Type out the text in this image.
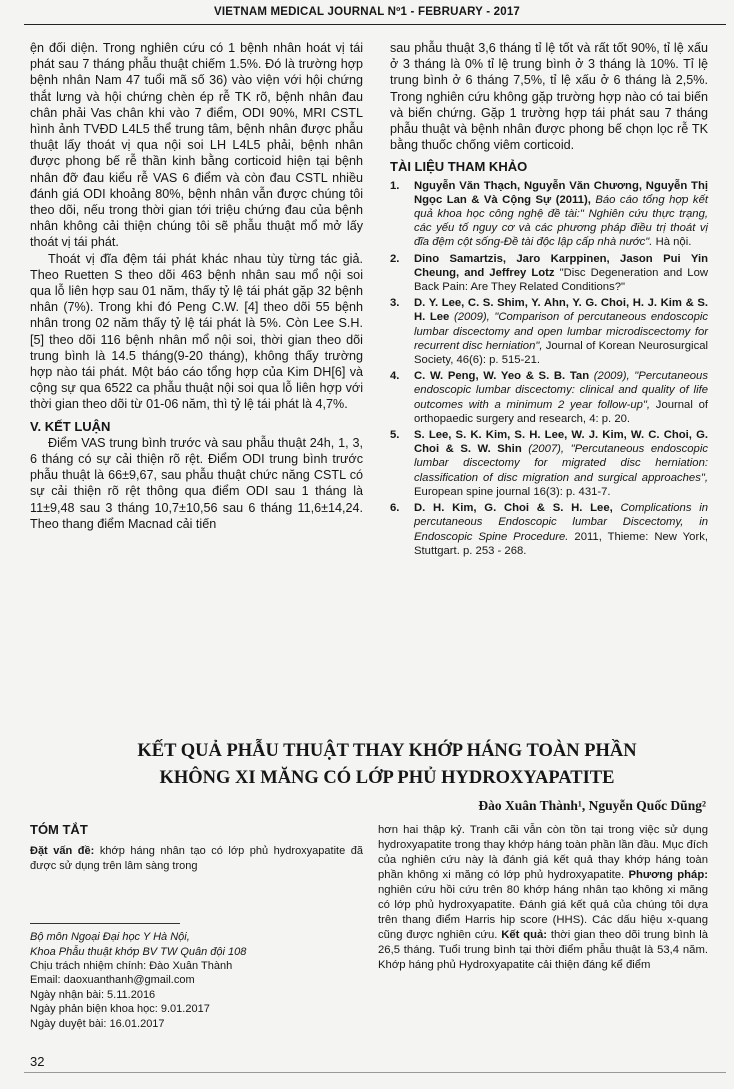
VIETNAM MEDICAL JOURNAL Nº1 - FEBRUARY - 2017

ện đối diện. Trong nghiên cứu có 1 bệnh nhân hoát vị tái phát sau 7 tháng phẫu thuật chiếm 1.5%. Đó là trường hợp bệnh nhân Nam 47 tuổi mã số 36) vào viện với hội chứng thắt lưng và hội chứng chèn ép rễ TK rõ, bệnh nhân đau chân phải Vas chân khi vào 7 điểm, ODI 90%, MRI CSTL hình ảnh TVĐD L4L5 thể trung tâm, bệnh nhân được phẫu thuật lấy thoát vị qua nội soi LH L4L5 phải, bệnh nhân được phong bế rễ thần kinh bằng corticoid hiện tại bệnh nhân đỡ đau kiểu rễ VAS 6 điểm và còn đau CSTL nhiều đánh giá ODI khoảng 80%, bệnh nhân vẫn được chúng tôi theo dõi, nếu trong thời gian tới triệu chứng đau của bệnh nhân không cải thiện chúng tôi sẽ phẫu thuật mổ mở lấy thoát vị tái phát.

Thoát vị đĩa đệm tái phát khác nhau tùy từng tác giả. Theo Ruetten S theo dõi 463 bệnh nhân sau mổ nội soi qua lỗ liên hợp sau 01 năm, thấy tỷ lệ tái phát gặp 32 bệnh nhân (7%). Trong khi đó Peng C.W. [4] theo dõi 55 bệnh nhân trong 02 năm thấy tỷ lệ tái phát là 5%. Còn Lee S.H. [5] theo dõi 116 bệnh nhân mổ nội soi, thời gian theo dõi trung bình là 14.5 tháng(9-20 tháng), không thấy trường hợp nào tái phát. Một báo cáo tổng hợp của Kim DH[6] và cộng sự qua 6522 ca phẫu thuật nội soi qua lỗ liên hợp với thời gian theo dõi từ 01-06 năm, thì tỷ lệ tái phát là 4,7%.

V. KẾT LUẬN

Điểm VAS trung bình trước và sau phẫu thuật 24h, 1, 3, 6 tháng có sự cải thiện rõ rệt. Điểm ODI trung bình trước phẫu thuật là 66±9,67, sau phẫu thuật chức năng CSTL có sự cải thiện rõ rệt thông qua điểm ODI sau 1 tháng là 11±9,48 sau 3 tháng 10,7±10,56 sau 6 tháng 11,6±14,24. Theo thang điểm Macnad cải tiến

sau phẫu thuật 3,6 tháng tỉ lệ tốt và rất tốt 90%, tỉ lệ xấu ở 3 tháng là 0% tỉ lệ trung bình ở 3 tháng là 10%. Tỉ lệ trung bình ở 6 tháng 7,5%, tỉ lệ xấu ở 6 tháng là 2,5%. Trong nghiên cứu không gặp trường hợp nào có tai biến và biến chứng. Gặp 1 trường hợp tái phát sau 7 tháng phẫu thuật và bệnh nhân được phong bế chọn lọc rễ TK bằng thuốc chống viêm corticoid.

TÀI LIỆU THAM KHẢO

1.	Nguyễn Văn Thạch, Nguyễn Văn Chương, Nguyễn Thị Ngọc Lan & Và Cộng Sự (2011), Báo cáo tổng hợp kết quả khoa học công nghệ đề tài:" Nghiên cứu thực trạng, các yếu tố nguy cơ và các phương pháp điều trị thoát vị đĩa đệm cột sống-Đề tài độc lập cấp nhà nước". Hà nội.
2.	Dino Samartzis, Jaro Karppinen, Jason Pui Yin Cheung, and Jeffrey Lotz "Disc Degeneration and Low Back Pain: Are They Related Conditions?"
3.	D. Y. Lee, C. S. Shim, Y. Ahn, Y. G. Choi, H. J. Kim & S. H. Lee (2009), "Comparison of percutaneous endoscopic lumbar discectomy and open lumbar microdiscectomy for recurrent disc herniation", Journal of Korean Neurosurgical Society, 46(6): p. 515-21.
4.	C. W. Peng, W. Yeo & S. B. Tan (2009), "Percutaneous endoscopic lumbar discectomy: clinical and quality of life outcomes with a minimum 2 year follow-up", Journal of orthopaedic surgery and research, 4: p. 20.
5.	S. Lee, S. K. Kim, S. H. Lee, W. J. Kim, W. C. Choi, G. Choi & S. W. Shin (2007), "Percutaneous endoscopic lumbar discectomy for migrated disc herniation: classification of disc migration and surgical approaches", European spine journal 16(3): p. 431-7.
6.	D. H. Kim, G. Choi & S. H. Lee, Complications in percutaneous Endoscopic lumbar Discectomy, in Endoscopic Spine Procedure. 2011, Thieme: New York, Stuttgart. p. 253 - 268.
KẾT QUẢ PHẪU THUẬT THAY KHỚP HÁNG TOÀN PHẦN
KHÔNG XI MĂNG CÓ LỚP PHỦ HYDROXYAPATITE
Đào Xuân Thành¹, Nguyễn Quốc Dũng²

TÓM TẮT

Đặt vấn đề: khớp háng nhân tạo có lớp phủ hydroxyapatite đã được sử dụng trên lâm sàng trong

Bộ môn Ngoại Đại học Y Hà Nội,
Khoa Phẫu thuật khớp BV TW Quân đội 108
Chịu trách nhiệm chính: Đào Xuân Thành
Email: daoxuanthanh@gmail.com
Ngày nhận bài: 5.11.2016
Ngày phản biện khoa học: 9.01.2017
Ngày duyệt bài: 16.01.2017

hơn hai thập kỷ. Tranh cãi vẫn còn tồn tại trong việc sử dụng hydroxyapatite trong thay khớp háng toàn phần lần đầu. Mục đích của nghiên cứu này là đánh giá kết quả thay khớp háng toàn phần không xi măng có lớp phủ hydroxyapatite. Phương pháp: nghiên cứu hồi cứu trên 80 khớp háng nhân tạo không xi măng có lớp phủ hydroxyapatite. Đánh giá kết quả của chúng tôi dựa trên thang điểm Harris hip score (HHS). Các dấu hiệu x-quang cũng được nghiên cứu. Kết quả: thời gian theo dõi trung bình là 26,5 tháng. Tuổi trung bình tại thời điểm phẫu thuật là 53,4 năm. Khớp háng phủ Hydroxyapatite cải thiện đáng kể điểm

32
